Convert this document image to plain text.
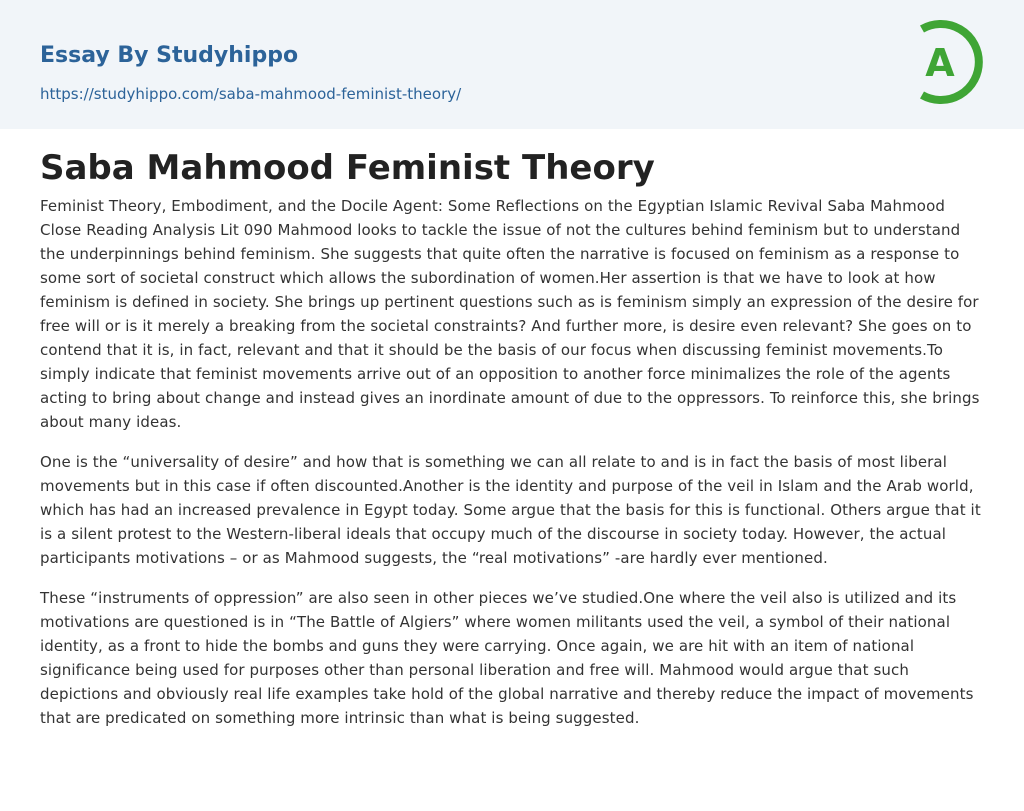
Essay By Studyhippo
https://studyhippo.com/saba-mahmood-feminist-theory/
A
Saba Mahmood Feminist Theory

Feminist Theory, Embodiment, and the Docile Agent: Some Reflections on the Egyptian Islamic Revival Saba Mahmood Close Reading Analysis Lit 090 Mahmood looks to tackle the issue of not the cultures behind feminism but to understand the underpinnings behind feminism. She suggests that quite often the narrative is focused on feminism as a response to some sort of societal construct which allows the subordination of women.Her assertion is that we have to look at how feminism is defined in society. She brings up pertinent questions such as is feminism simply an expression of the desire for free will or is it merely a breaking from the societal constraints? And further more, is desire even relevant? She goes on to contend that it is, in fact, relevant and that it should be the basis of our focus when discussing feminist movements.To simply indicate that feminist movements arrive out of an opposition to another force minimalizes the role of the agents acting to bring about change and instead gives an inordinate amount of due to the oppressors. To reinforce this, she brings about many ideas.

One is the “universality of desire” and how that is something we can all relate to and is in fact the basis of most liberal movements but in this case if often discounted.Another is the identity and purpose of the veil in Islam and the Arab world, which has had an increased prevalence in Egypt today. Some argue that the basis for this is functional. Others argue that it is a silent protest to the Western-liberal ideals that occupy much of the discourse in society today. However, the actual participants motivations – or as Mahmood suggests, the “real motivations” -are hardly ever mentioned.

These “instruments of oppression” are also seen in other pieces we’ve studied.One where the veil also is utilized and its motivations are questioned is in “The Battle of Algiers” where women militants used the veil, a symbol of their national identity, as a front to hide the bombs and guns they were carrying. Once again, we are hit with an item of national significance being used for purposes other than personal liberation and free will. Mahmood would argue that such depictions and obviously real life examples take hold of the global narrative and thereby reduce the impact of movements that are predicated on something more intrinsic than what is being suggested.
